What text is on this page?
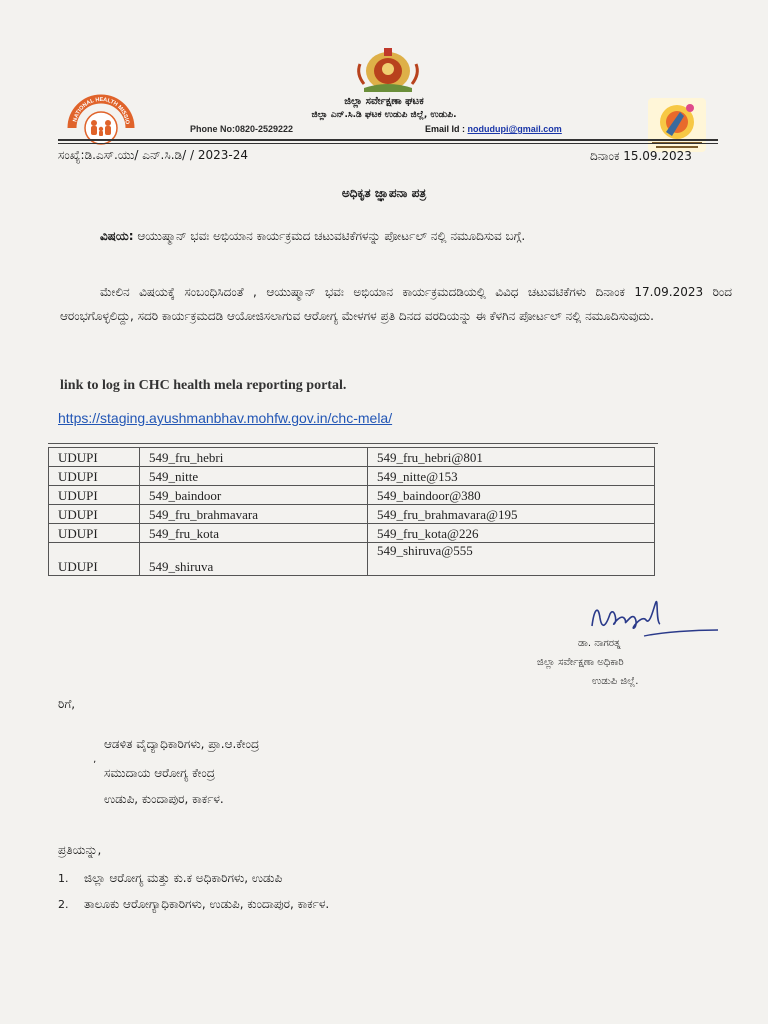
NATIONAL HEALTH MISSIO
ಜಿಲ್ಲಾ ಸರ್ವೇಕ್ಷಣಾ ಘಟಕ
ಜಿಲ್ಲಾ ಎನ್.ಸಿ.ಡಿ ಘಟಕ ಉಡುಪಿ ಜಿಲ್ಲೆ, ಉಡುಪಿ.
Phone No:0820-2529222	Email Id : nodudupi@gmail.com
ಸಂಖ್ಯೆ:ಡಿ.ಎಸ್.ಯು/ ಎನ್.ಸಿ.ಡಿ/ / 2023-24	ದಿನಾಂಕ 15.09.2023
ಅಧಿಕೃತ ಜ್ಞಾಪನಾ ಪತ್ರ
ವಿಷಯ: ಆಯುಷ್ಮಾನ್ ಭವಃ ಅಭಿಯಾನ ಕಾರ್ಯಕ್ರಮದ ಚಟುವಟಿಕೆಗಳನ್ನು ಪೋರ್ಟಲ್ ನಲ್ಲಿ ನಮೂದಿಸುವ ಬಗ್ಗೆ.
ಮೇಲಿನ ವಿಷಯಕ್ಕೆ ಸಂಬಂಧಿಸಿದಂತೆ , ಆಯುಷ್ಮಾನ್ ಭವಃ ಅಭಿಯಾನ ಕಾರ್ಯಕ್ರಮದಡಿಯಲ್ಲಿ ವಿವಿಧ ಚಟುವಟಿಕೆಗಳು ದಿನಾಂಕ 17.09.2023 ರಿಂದ ಆರಂಭಗೊಳ್ಳಲಿದ್ದು, ಸದರಿ ಕಾರ್ಯಕ್ರಮದಡಿ ಆಯೋಜಿಸಲಾಗುವ ಆರೋಗ್ಯ ಮೇಳಗಳ ಪ್ರತಿ ದಿನದ ವರದಿಯನ್ನು ಈ ಕೆಳಗಿನ ಪೋರ್ಟಲ್ ನಲ್ಲಿ ನಮೂದಿಸುವುದು.
link to log in CHC health mela reporting portal.
https://staging.ayushmanbhav.mohfw.gov.in/chc-mela/
UDUPI	549_fru_hebri	549_fru_hebri@801
UDUPI	549_nitte	549_nitte@153
UDUPI	549_baindoor	549_baindoor@380
UDUPI	549_fru_brahmavara	549_fru_brahmavara@195
UDUPI	549_fru_kota	549_fru_kota@226
UDUPI	549_shiruva	549_shiruva@555
ಡಾ. ನಾಗರತ್ನ
ಜಿಲ್ಲಾ ಸರ್ವೇಕ್ಷಣಾ ಅಧಿಕಾರಿ
ಉಡುಪಿ ಜಿಲ್ಲೆ.
ರಿಗೆ,
ಆಡಳಿತ ವೈದ್ಯಾಧಿಕಾರಿಗಳು, ಪ್ರಾ.ಆ.ಕೇಂದ್ರ
ʼ
ಸಮುದಾಯ ಆರೋಗ್ಯ ಕೇಂದ್ರ
ಉಡುಪಿ, ಕುಂದಾಪುರ, ಕಾರ್ಕಳ.
ಪ್ರತಿಯನ್ನು,
1. ಜಿಲ್ಲಾ ಆರೋಗ್ಯ ಮತ್ತು ಕು.ಕ ಅಧಿಕಾರಿಗಳು, ಉಡುಪಿ
2. ತಾಲೂಕು ಆರೋಗ್ಯಾಧಿಕಾರಿಗಳು, ಉಡುಪಿ, ಕುಂದಾಪುರ, ಕಾರ್ಕಳ.
